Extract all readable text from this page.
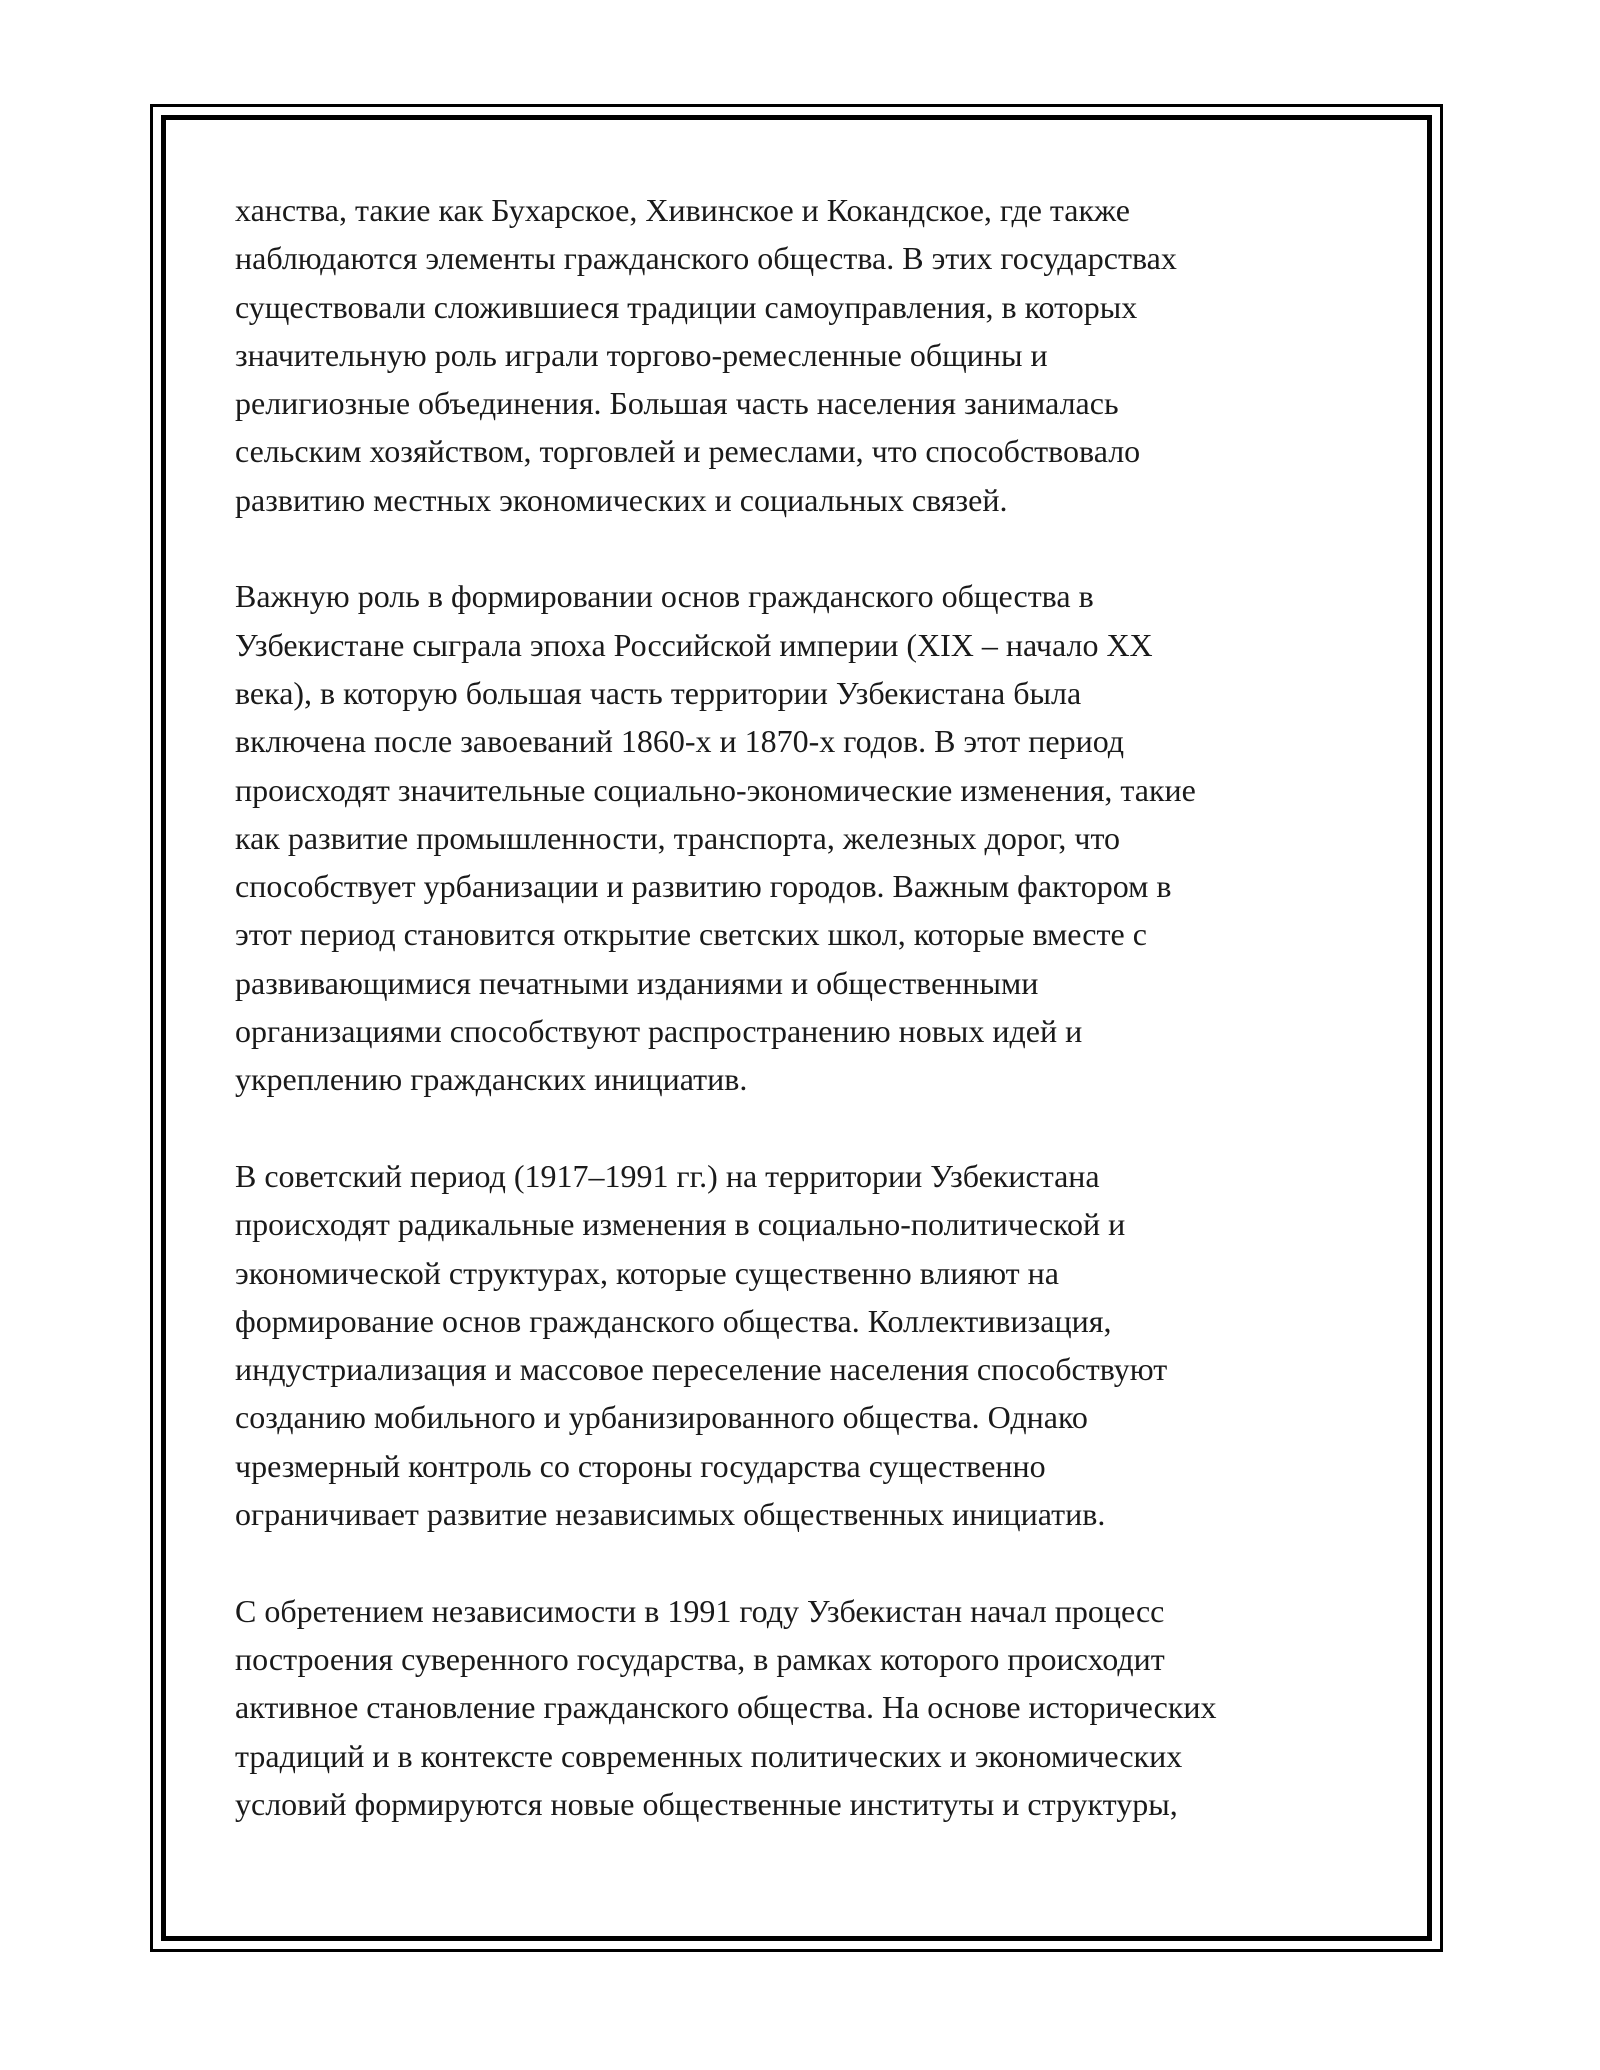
ханства, такие как Бухарское, Хивинское и Кокандское, где также
наблюдаются элементы гражданского общества. В этих государствах
существовали сложившиеся традиции самоуправления, в которых
значительную роль играли торгово-ремесленные общины и
религиозные объединения. Большая часть населения занималась
сельским хозяйством, торговлей и ремеслами, что способствовало
развитию местных экономических и социальных связей.

Важную роль в формировании основ гражданского общества в
Узбекистане сыграла эпоха Российской империи (XIX – начало XX
века), в которую большая часть территории Узбекистана была
включена после завоеваний 1860-х и 1870-х годов. В этот период
происходят значительные социально-экономические изменения, такие
как развитие промышленности, транспорта, железных дорог, что
способствует урбанизации и развитию городов. Важным фактором в
этот период становится открытие светских школ, которые вместе с
развивающимися печатными изданиями и общественными
организациями способствуют распространению новых идей и
укреплению гражданских инициатив.

В советский период (1917–1991 гг.) на территории Узбекистана
происходят радикальные изменения в социально-политической и
экономической структурах, которые существенно влияют на
формирование основ гражданского общества. Коллективизация,
индустриализация и массовое переселение населения способствуют
созданию мобильного и урбанизированного общества. Однако
чрезмерный контроль со стороны государства существенно
ограничивает развитие независимых общественных инициатив.

С обретением независимости в 1991 году Узбекистан начал процесс
построения суверенного государства, в рамках которого происходит
активное становление гражданского общества. На основе исторических
традиций и в контексте современных политических и экономических
условий формируются новые общественные институты и структуры,
